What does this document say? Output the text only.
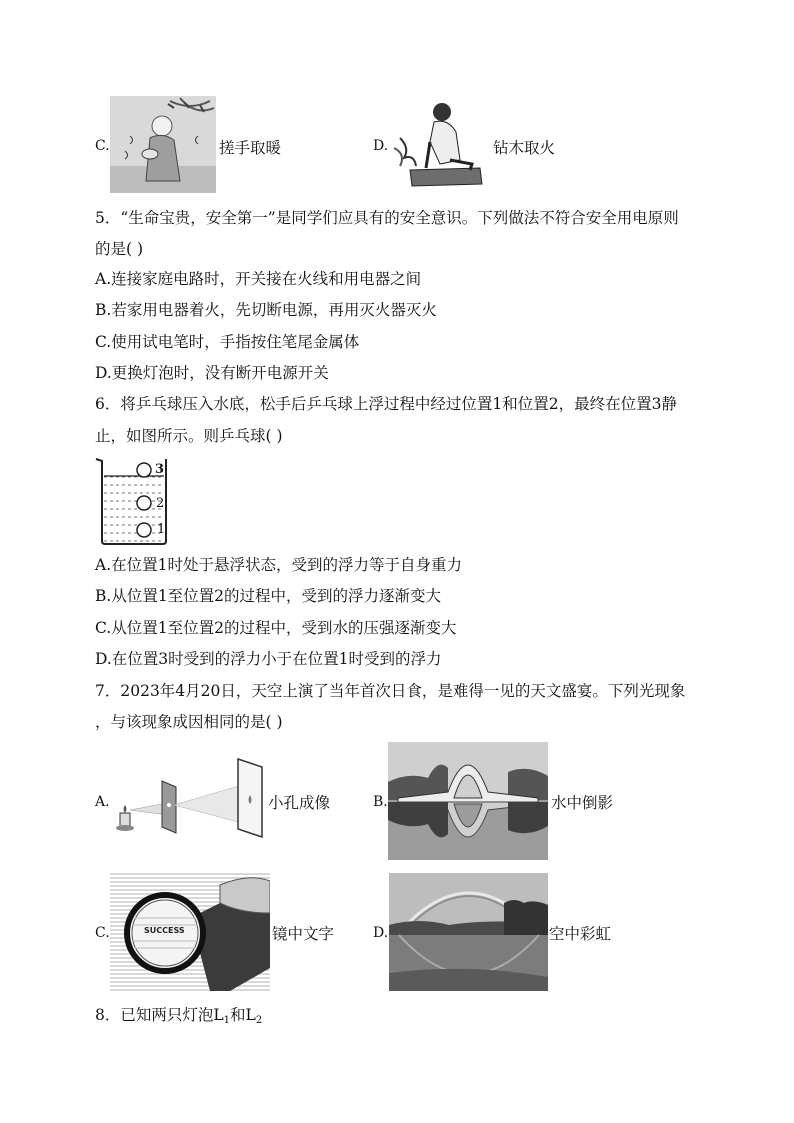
C.	搓手取暖	D.	钻木取火
5．“生命宝贵，安全第一”是同学们应具有的安全意识。下列做法不符合安全用电原则
的是( )
A.连接家庭电路时，开关接在火线和用电器之间
B.若家用电器着火，先切断电源，再用灭火器灭火
C.使用试电笔时，手指按住笔尾金属体
D.更换灯泡时，没有断开电源开关
6．将乒乓球压入水底，松手后乒乓球上浮过程中经过位置1和位置2，最终在位置3静
止，如图所示。则乒乓球( )
3
2
1
A.在位置1时处于悬浮状态，受到的浮力等于自身重力
B.从位置1至位置2的过程中，受到的浮力逐渐变大
C.从位置1至位置2的过程中，受到水的压强逐渐变大
D.在位置3时受到的浮力小于在位置1时受到的浮力
7．2023年4月20日，天空上演了当年首次日食，是难得一见的天文盛宴。下列光现象
，与该现象成因相同的是( )
A.	小孔成像	B.	水中倒影
C.	SUCCESS	镜中文字	D.	空中彩虹
8．已知两只灯泡$L_1$和$L_2$
